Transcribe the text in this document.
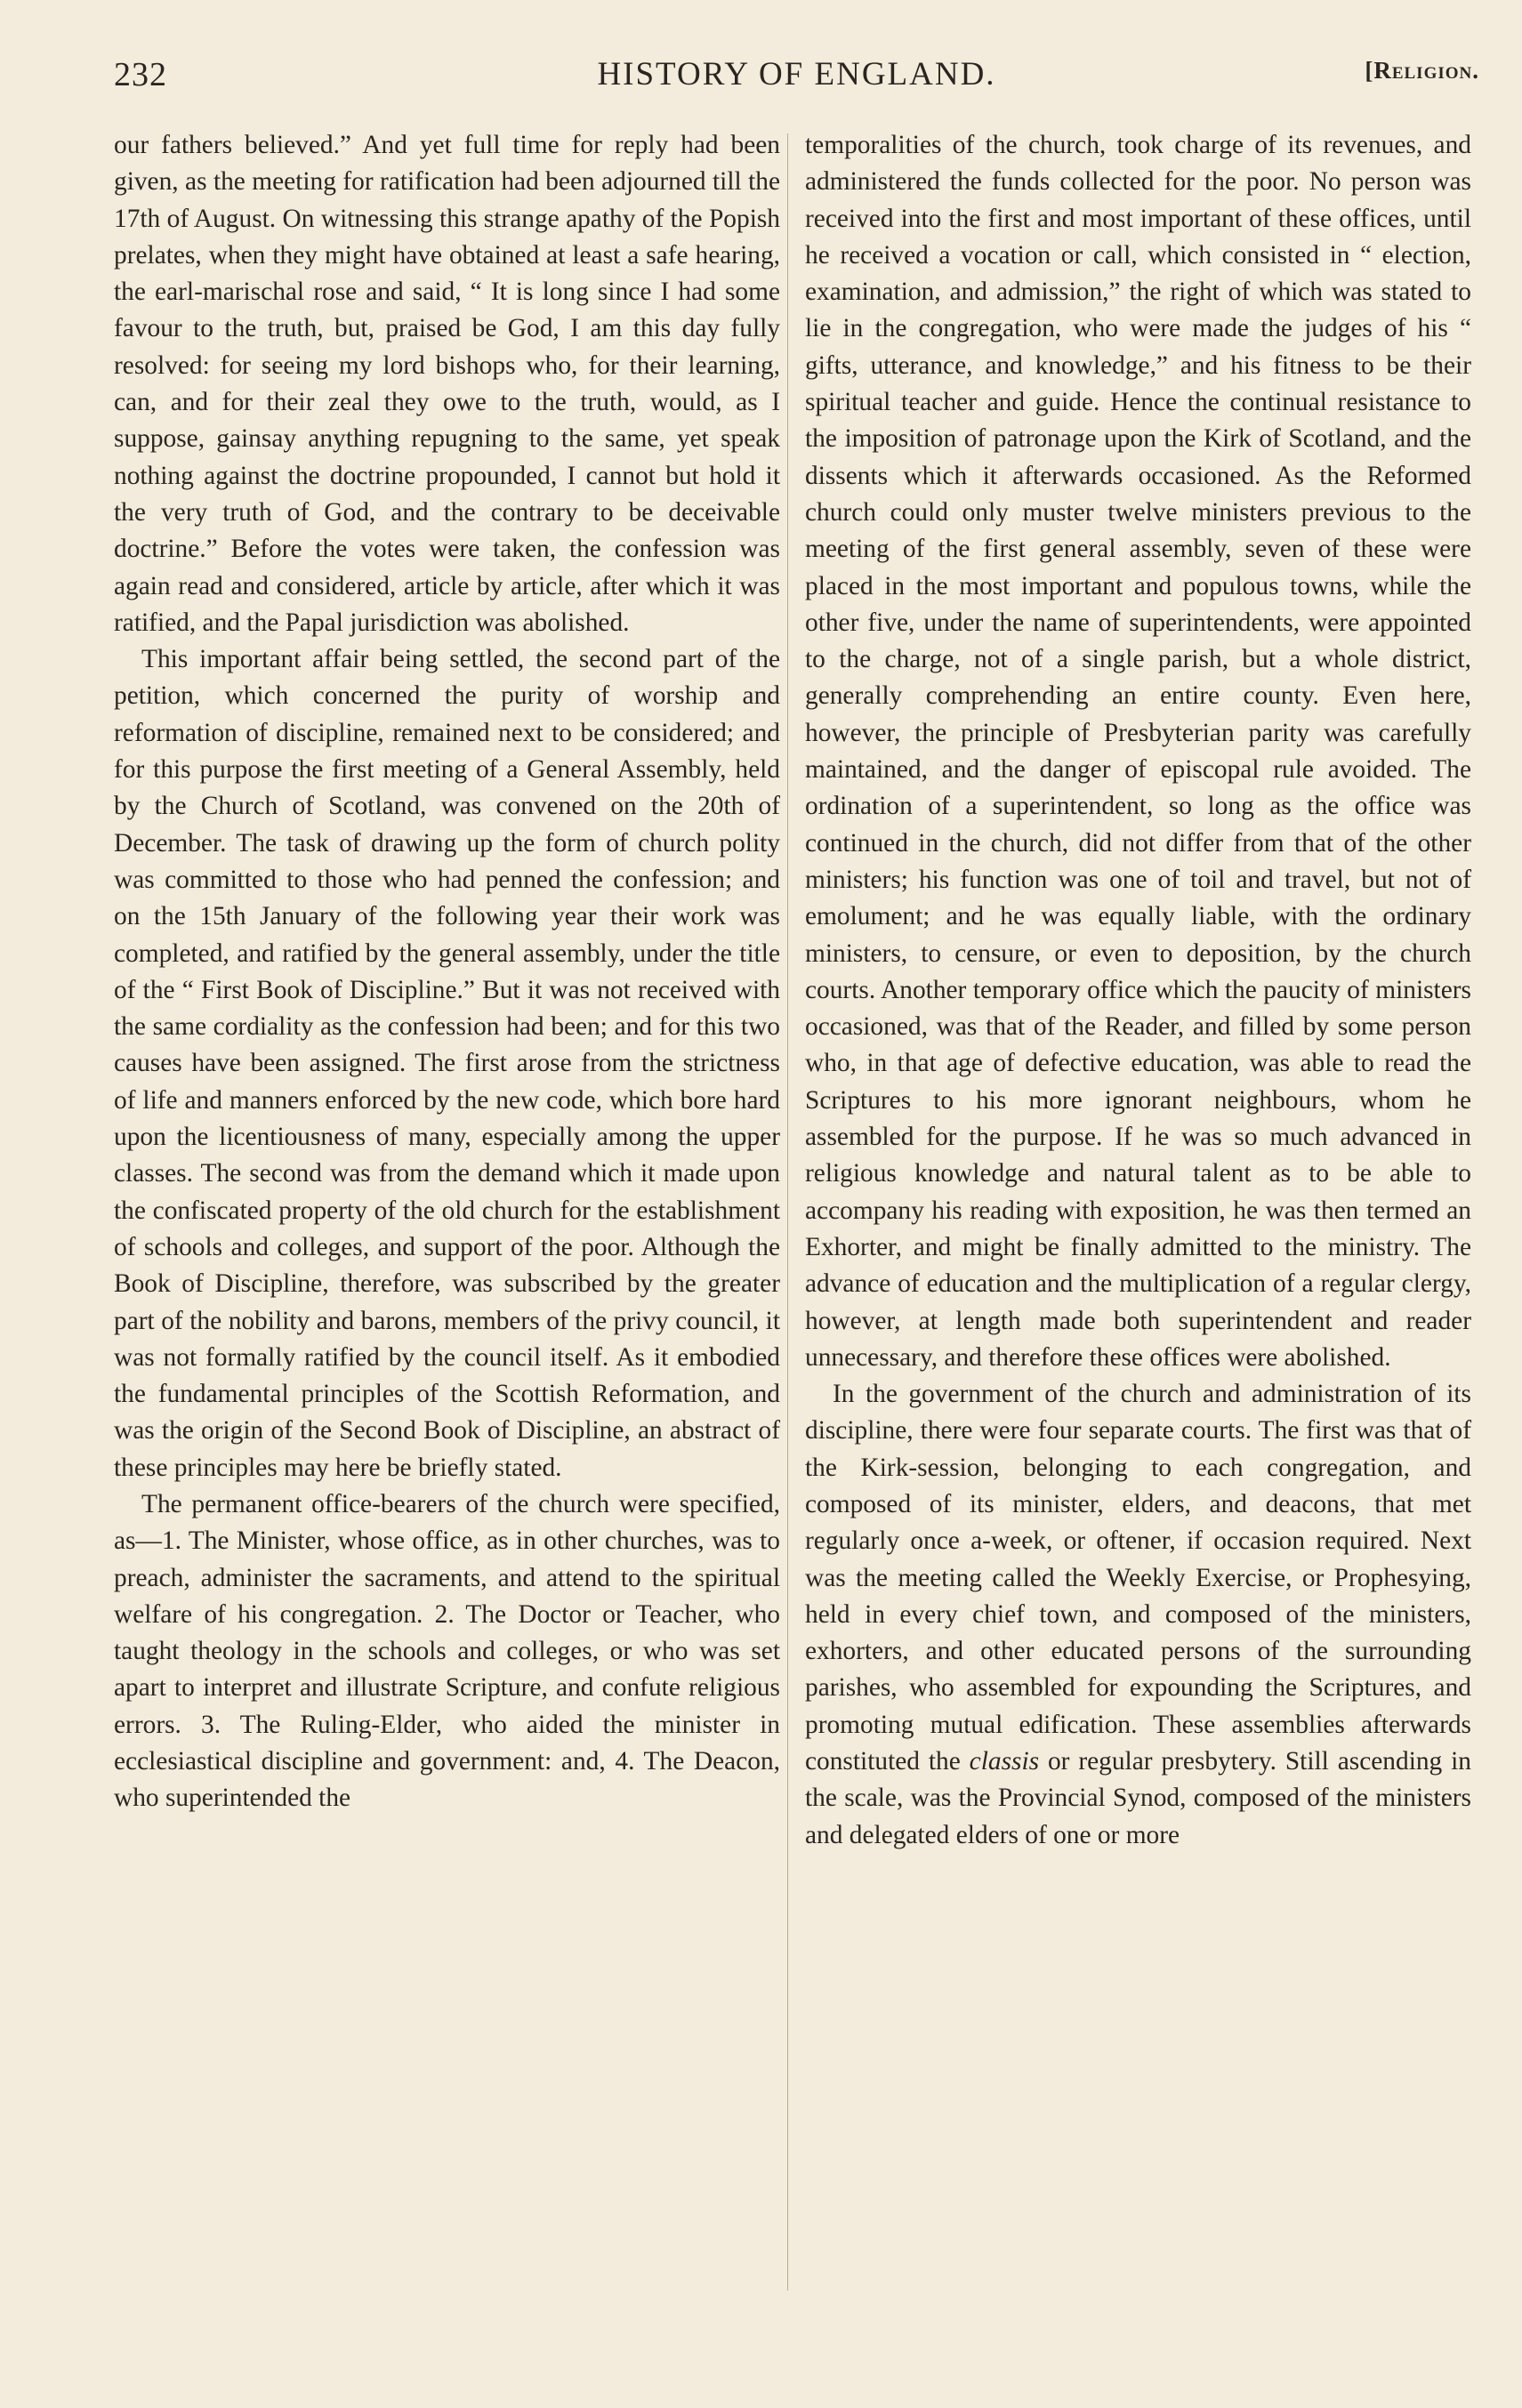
232	HISTORY OF ENGLAND.	[Religion.

our fathers believed.” And yet full time for reply had been given, as the meeting for ratification had been adjourned till the 17th of August. On witnessing this strange apathy of the Popish prelates, when they might have obtained at least a safe hearing, the earl-marischal rose and said, “ It is long since I had some favour to the truth, but, praised be God, I am this day fully resolved: for seeing my lord bishops who, for their learning, can, and for their zeal they owe to the truth, would, as I suppose, gainsay anything repugning to the same, yet speak nothing against the doctrine propounded, I cannot but hold it the very truth of God, and the contrary to be deceivable doctrine.” Before the votes were taken, the confession was again read and considered, article by article, after which it was ratified, and the Papal jurisdiction was abolished.

This important affair being settled, the second part of the petition, which concerned the purity of worship and reformation of discipline, remained next to be considered; and for this purpose the first meeting of a General Assembly, held by the Church of Scotland, was convened on the 20th of December. The task of drawing up the form of church polity was committed to those who had penned the confession; and on the 15th January of the following year their work was completed, and ratified by the general assembly, under the title of the “ First Book of Discipline.” But it was not received with the same cordiality as the confession had been; and for this two causes have been assigned. The first arose from the strictness of life and manners enforced by the new code, which bore hard upon the licentiousness of many, especially among the upper classes. The second was from the demand which it made upon the confiscated property of the old church for the establishment of schools and colleges, and support of the poor. Although the Book of Discipline, therefore, was subscribed by the greater part of the nobility and barons, members of the privy council, it was not formally ratified by the council itself. As it embodied the fundamental principles of the Scottish Reformation, and was the origin of the Second Book of Discipline, an abstract of these principles may here be briefly stated.

The permanent office-bearers of the church were specified, as—1. The Minister, whose office, as in other churches, was to preach, administer the sacraments, and attend to the spiritual welfare of his congregation. 2. The Doctor or Teacher, who taught theology in the schools and colleges, or who was set apart to interpret and illustrate Scripture, and confute religious errors. 3. The Ruling-Elder, who aided the minister in ecclesiastical discipline and government: and, 4. The Deacon, who superintended the

temporalities of the church, took charge of its revenues, and administered the funds collected for the poor. No person was received into the first and most important of these offices, until he received a vocation or call, which consisted in “ election, examination, and admission,” the right of which was stated to lie in the congregation, who were made the judges of his “ gifts, utterance, and knowledge,” and his fitness to be their spiritual teacher and guide. Hence the continual resistance to the imposition of patronage upon the Kirk of Scotland, and the dissents which it afterwards occasioned. As the Reformed church could only muster twelve ministers previous to the meeting of the first general assembly, seven of these were placed in the most important and populous towns, while the other five, under the name of superintendents, were appointed to the charge, not of a single parish, but a whole district, generally comprehending an entire county. Even here, however, the principle of Presbyterian parity was carefully maintained, and the danger of episcopal rule avoided. The ordination of a superintendent, so long as the office was continued in the church, did not differ from that of the other ministers; his function was one of toil and travel, but not of emolument; and he was equally liable, with the ordinary ministers, to censure, or even to deposition, by the church courts. Another temporary office which the paucity of ministers occasioned, was that of the Reader, and filled by some person who, in that age of defective education, was able to read the Scriptures to his more ignorant neighbours, whom he assembled for the purpose. If he was so much advanced in religious knowledge and natural talent as to be able to accompany his reading with exposition, he was then termed an Exhorter, and might be finally admitted to the ministry. The advance of education and the multiplication of a regular clergy, however, at length made both superintendent and reader unnecessary, and therefore these offices were abolished.

In the government of the church and administration of its discipline, there were four separate courts. The first was that of the Kirk-session, belonging to each congregation, and composed of its minister, elders, and deacons, that met regularly once a-week, or oftener, if occasion required. Next was the meeting called the Weekly Exercise, or Prophesying, held in every chief town, and composed of the ministers, exhorters, and other educated persons of the surrounding parishes, who assembled for expounding the Scriptures, and promoting mutual edification. These assemblies afterwards constituted the classis or regular presbytery. Still ascending in the scale, was the Provincial Synod, composed of the ministers and delegated elders of one or more
